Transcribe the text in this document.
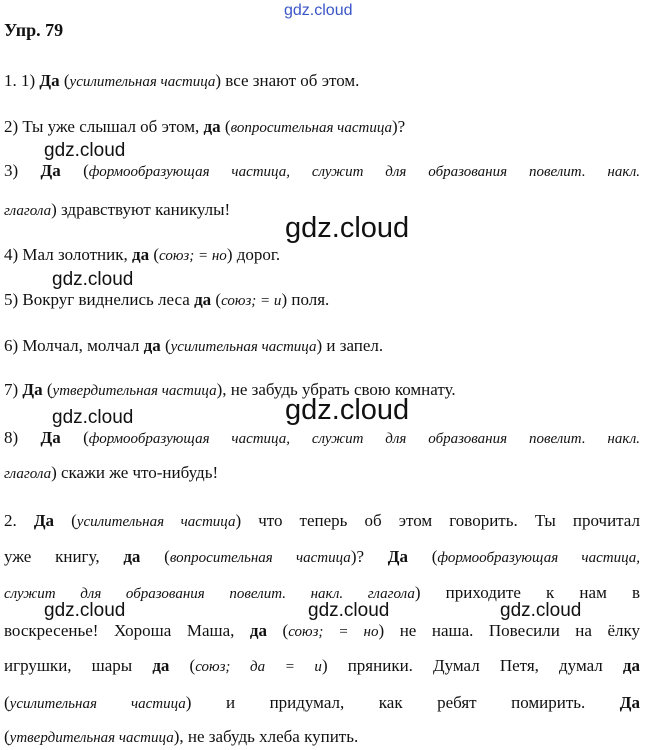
gdz.cloud
Упр. 79
1. 1) Да (усилительная частица) все знают об этом.
2) Ты уже слышал об этом, да (вопросительная частица)?
gdz.cloud
3) Да (формообразующая частица, служит для образования повелит. накл.
глагола) здравствуют каникулы!
gdz.cloud
4) Мал золотник, да (союз; = но) дорог.
gdz.cloud
5) Вокруг виднелись леса да (союз; = и) поля.
6) Молчал, молчал да (усилительная частица) и запел.
7) Да (утвердительная частица), не забудь убрать свою комнату.
gdz.cloud	gdz.cloud
8) Да (формообразующая частица, служит для образования повелит. накл.
глагола) скажи же что-нибудь!
2. Да (усилительная частица) что теперь об этом говорить. Ты прочитал
уже книгу, да (вопросительная частица)? Да (формообразующая частица,
служит для образования повелит. накл. глагола) приходите к нам в
gdz.cloud	gdz.cloud	gdz.cloud
воскресенье! Хороша Маша, да (союз; = но) не наша. Повесили на ёлку
игрушки, шары да (союз; да = и) пряники. Думал Петя, думал да
(усилительная частица) и придумал, как ребят помирить. Да
(утвердительная частица), не забудь хлеба купить.
